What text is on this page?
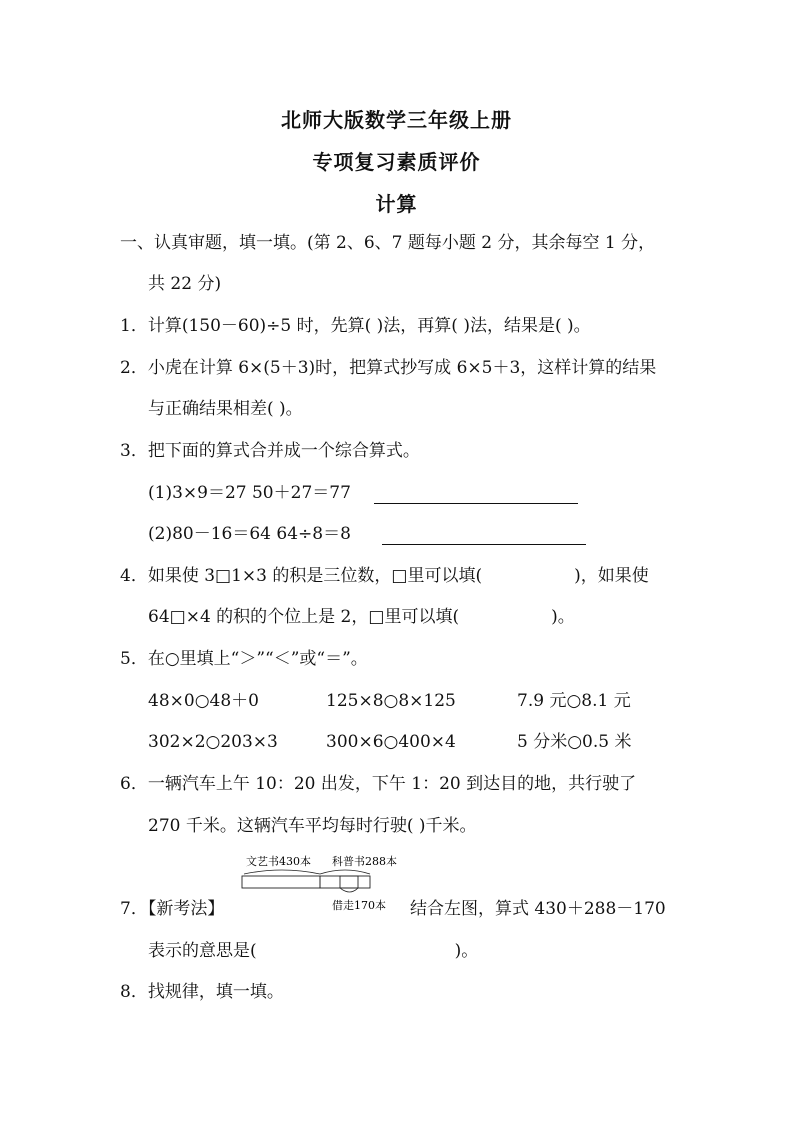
北师大版数学三年级上册
专项复习素质评价
计算
一、认真审题，填一填。(第 2、6、7 题每小题 2 分，其余每空 1 分，
共 22 分)
1．计算(150－60)÷5 时，先算( )法，再算( )法，结果是( )。
2．小虎在计算 6×(5＋3)时，把算式抄写成 6×5＋3，这样计算的结果
与正确结果相差( )。
3．把下面的算式合并成一个综合算式。
(1)3×9＝27 50＋27＝77
(2)80－16＝64 64÷8＝8
4．如果使 3□1×3 的积是三位数，□里可以填(	)，如果使
64□×4 的积的个位上是 2，□里可以填(	)。
5．在○里填上“＞”“＜”或“＝”。
48×0○48＋0	125×8○8×125	7.9 元○8.1 元
302×2○203×3	300×6○400×4	5 分米○0.5 米
6．一辆汽车上午 10：20 出发，下午 1：20 到达目的地，共行驶了
270 千米。这辆汽车平均每时行驶( )千米。
文艺书430本 科普书288本
借走170本
7．【新考法】	结合左图，算式 430＋288－170
表示的意思是(	)。
8．找规律，填一填。
